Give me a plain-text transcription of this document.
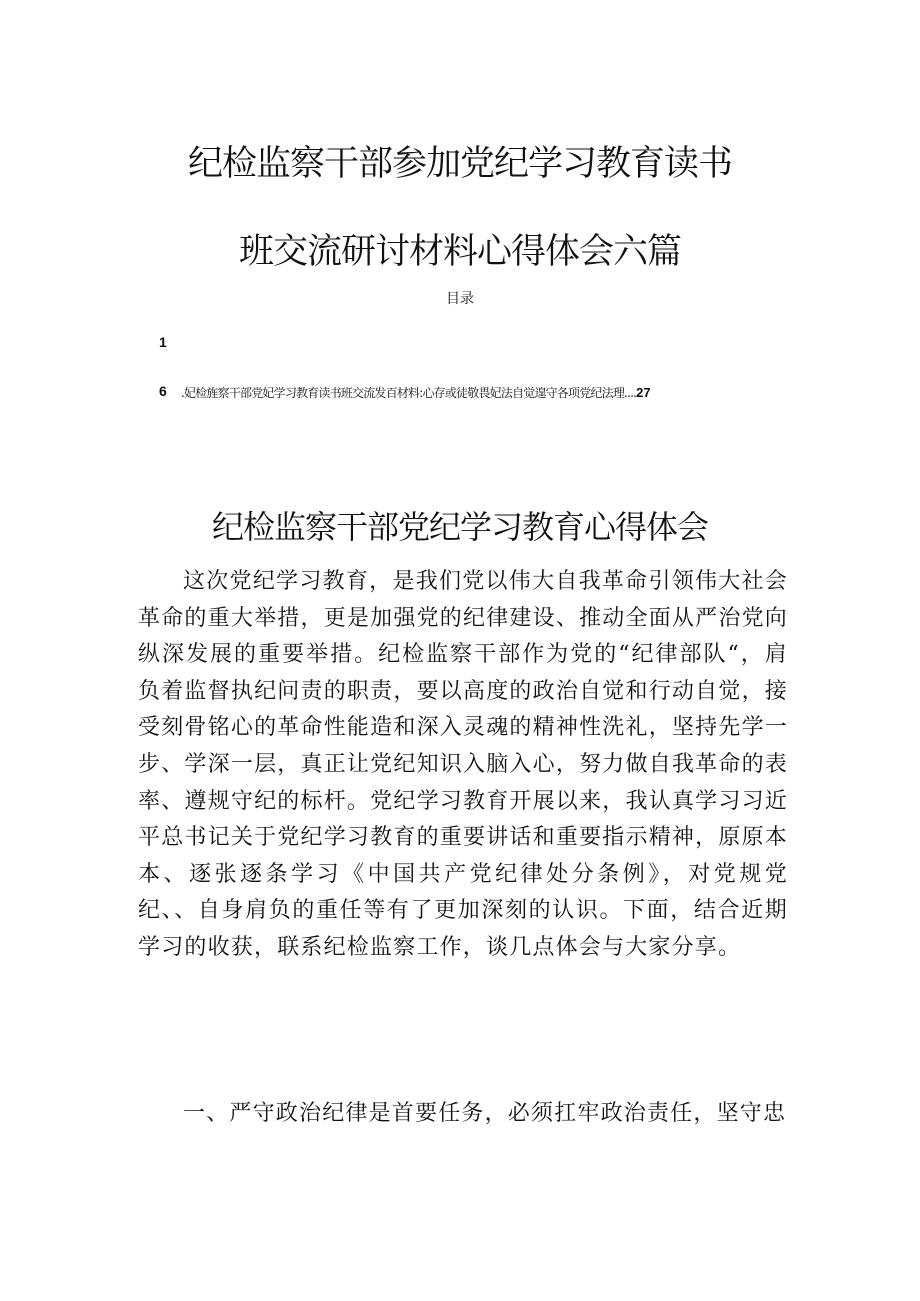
纪检监察干部参加党纪学习教育读书
班交流研讨材料心得体会六篇
目录
1
6 .妃检旌察干部党妃学习教育读书班交流发百材料:心存或徒敬畏妃法自觉遑守各项党纪法理....27
纪检监察干部党纪学习教育心得体会

这次党纪学习教育，是我们党以伟大自我革命引领伟大社会革命的重大举措，更是加强党的纪律建设、推动全面从严治党向纵深发展的重要举措。纪检监察干部作为党的“纪律部队“，肩负着监督执纪问责的职责，要以高度的政治自觉和行动自觉，接受刻骨铭心的革命性能造和深入灵魂的精神性洗礼，坚持先学一步、学深一层，真正让党纪知识入脑入心，努力做自我革命的表率、遵规守纪的标杆。党纪学习教育开展以来，我认真学习习近平总书记关于党纪学习教育的重要讲话和重要指示精神，原原本本、逐张逐条学习《中国共产党纪律处分条例》，对党规党纪、、自身肩负的重任等有了更加深刻的认识。下面，结合近期学习的收获，联系纪检监察工作，谈几点体会与大家分享。

一、严守政治纪律是首要任务，必须扛牢政治责任，坚守忠
